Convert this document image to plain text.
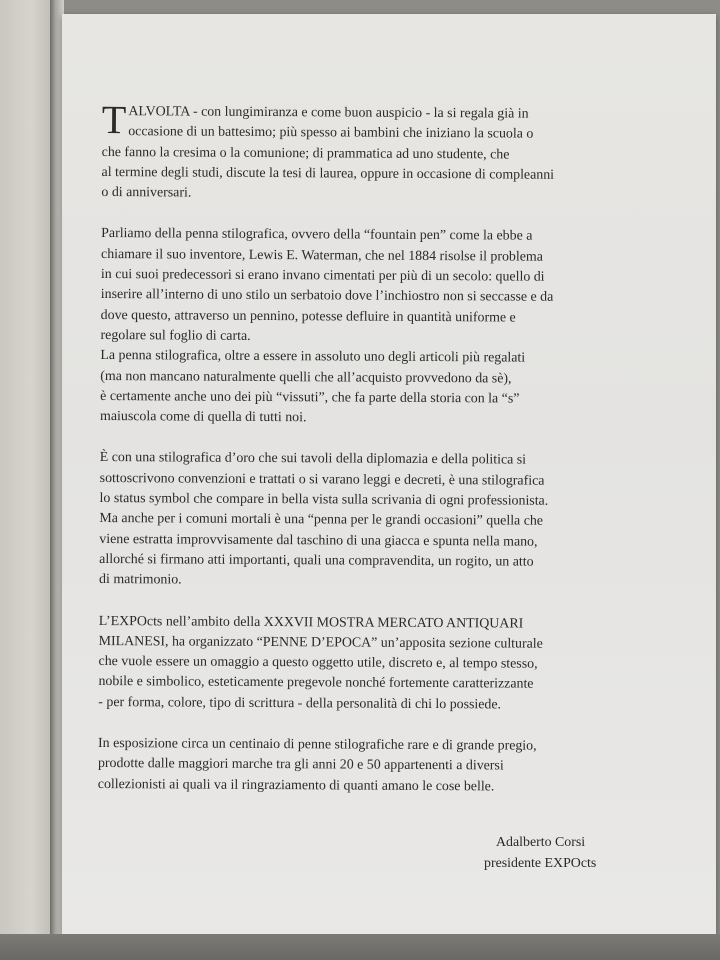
T ALVOLTA - con lungimiranza e come buon auspicio - la si regala già in
occasione di un battesimo; più spesso ai bambini che iniziano la scuola o
che fanno la cresima o la comunione; di prammatica ad uno studente, che
al termine degli studi, discute la tesi di laurea, oppure in occasione di compleanni
o di anniversari.
Parliamo della penna stilografica, ovvero della “fountain pen” come la ebbe a
chiamare il suo inventore, Lewis E. Waterman, che nel 1884 risolse il problema
in cui suoi predecessori si erano invano cimentati per più di un secolo: quello di
inserire all’interno di uno stilo un serbatoio dove l’inchiostro non si seccasse e da
dove questo, attraverso un pennino, potesse defluire in quantità uniforme e
regolare sul foglio di carta.
La penna stilografica, oltre a essere in assoluto uno degli articoli più regalati
(ma non mancano naturalmente quelli che all’acquisto provvedono da sè),
è certamente anche uno dei più “vissuti”, che fa parte della storia con la “s”
maiuscola come di quella di tutti noi.
È con una stilografica d’oro che sui tavoli della diplomazia e della politica si
sottoscrivono convenzioni e trattati o si varano leggi e decreti, è una stilografica
lo status symbol che compare in bella vista sulla scrivania di ogni professionista.
Ma anche per i comuni mortali è una “penna per le grandi occasioni” quella che
viene estratta improvvisamente dal taschino di una giacca e spunta nella mano,
allorché si firmano atti importanti, quali una compravendita, un rogito, un atto
di matrimonio.
L’EXPOcts nell’ambito della XXXVII MOSTRA MERCATO ANTIQUARI
MILANESI, ha organizzato “PENNE D’EPOCA” un’apposita sezione culturale
che vuole essere un omaggio a questo oggetto utile, discreto e, al tempo stesso,
nobile e simbolico, esteticamente pregevole nonché fortemente caratterizzante
- per forma, colore, tipo di scrittura - della personalità di chi lo possiede.
In esposizione circa un centinaio di penne stilografiche rare e di grande pregio,
prodotte dalle maggiori marche tra gli anni 20 e 50 appartenenti a diversi
collezionisti ai quali va il ringraziamento di quanti amano le cose belle.
Adalberto Corsi
presidente EXPOcts
